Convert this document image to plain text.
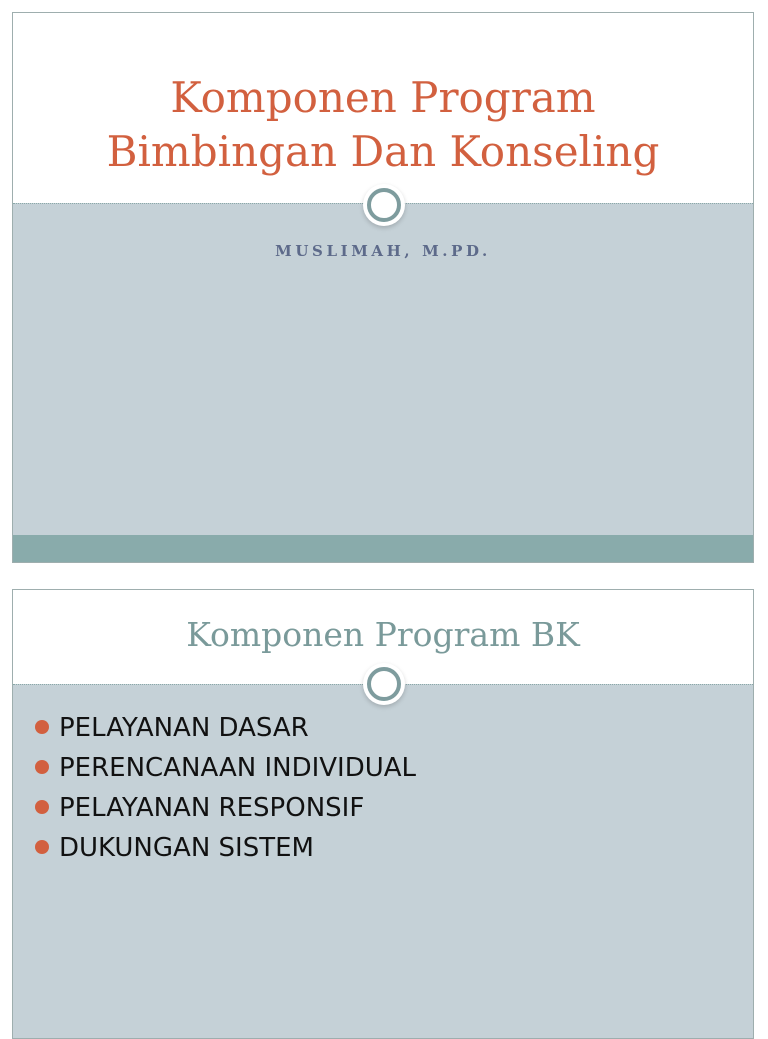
Komponen Program
Bimbingan Dan Konseling
MUSLIMAH, M.PD.
Komponen Program BK
PELAYANAN DASAR
PERENCANAAN INDIVIDUAL
PELAYANAN RESPONSIF
DUKUNGAN SISTEM
